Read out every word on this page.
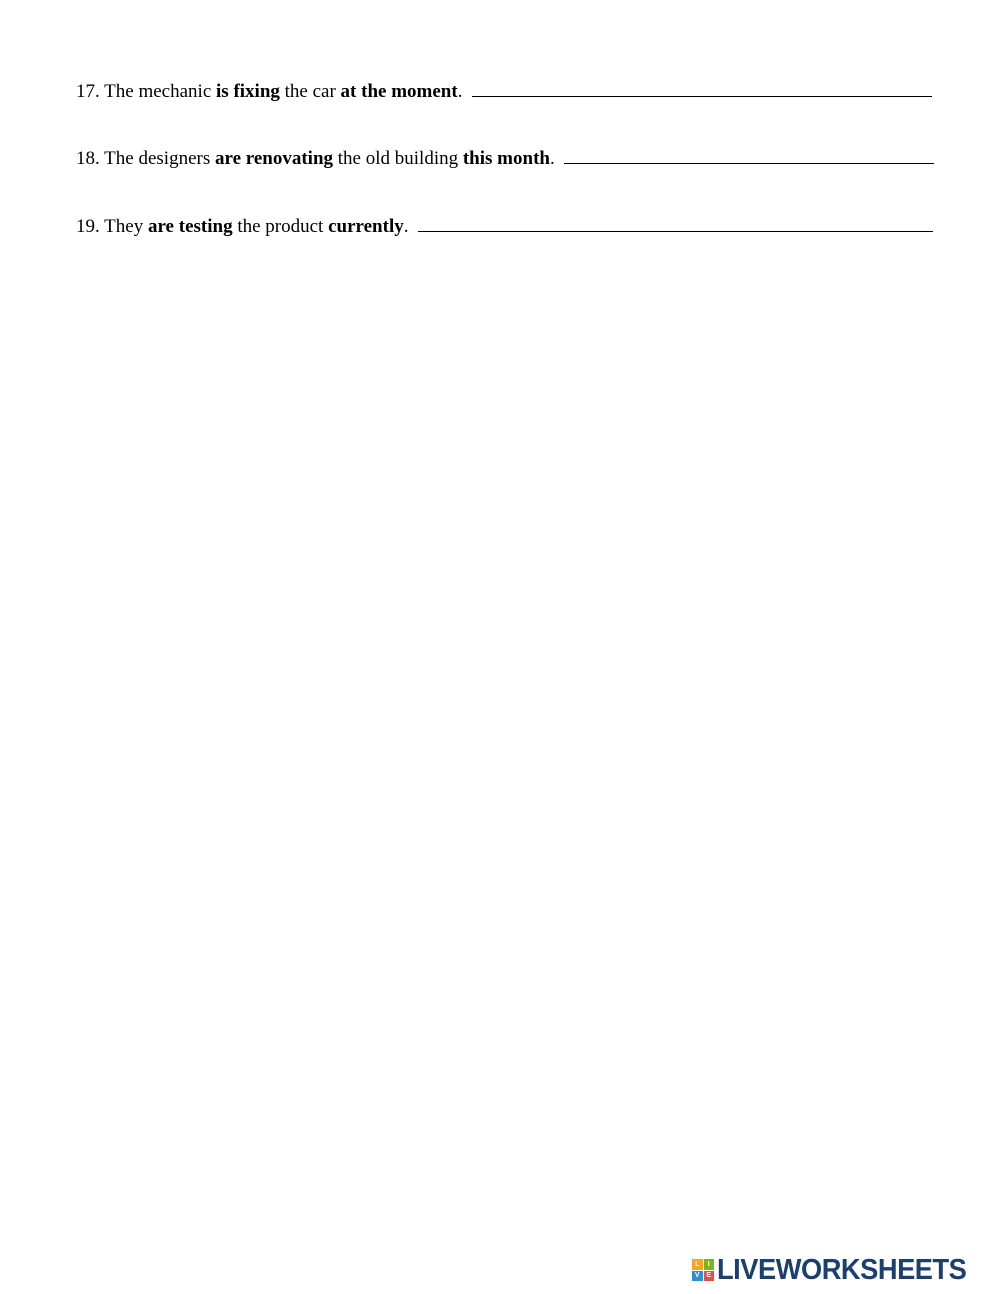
17. The mechanic is fixing the car at the moment.
18. The designers are renovating the old building this month.
19. They are testing the product currently.
L	I
V E LIVEWORKSHEETS
